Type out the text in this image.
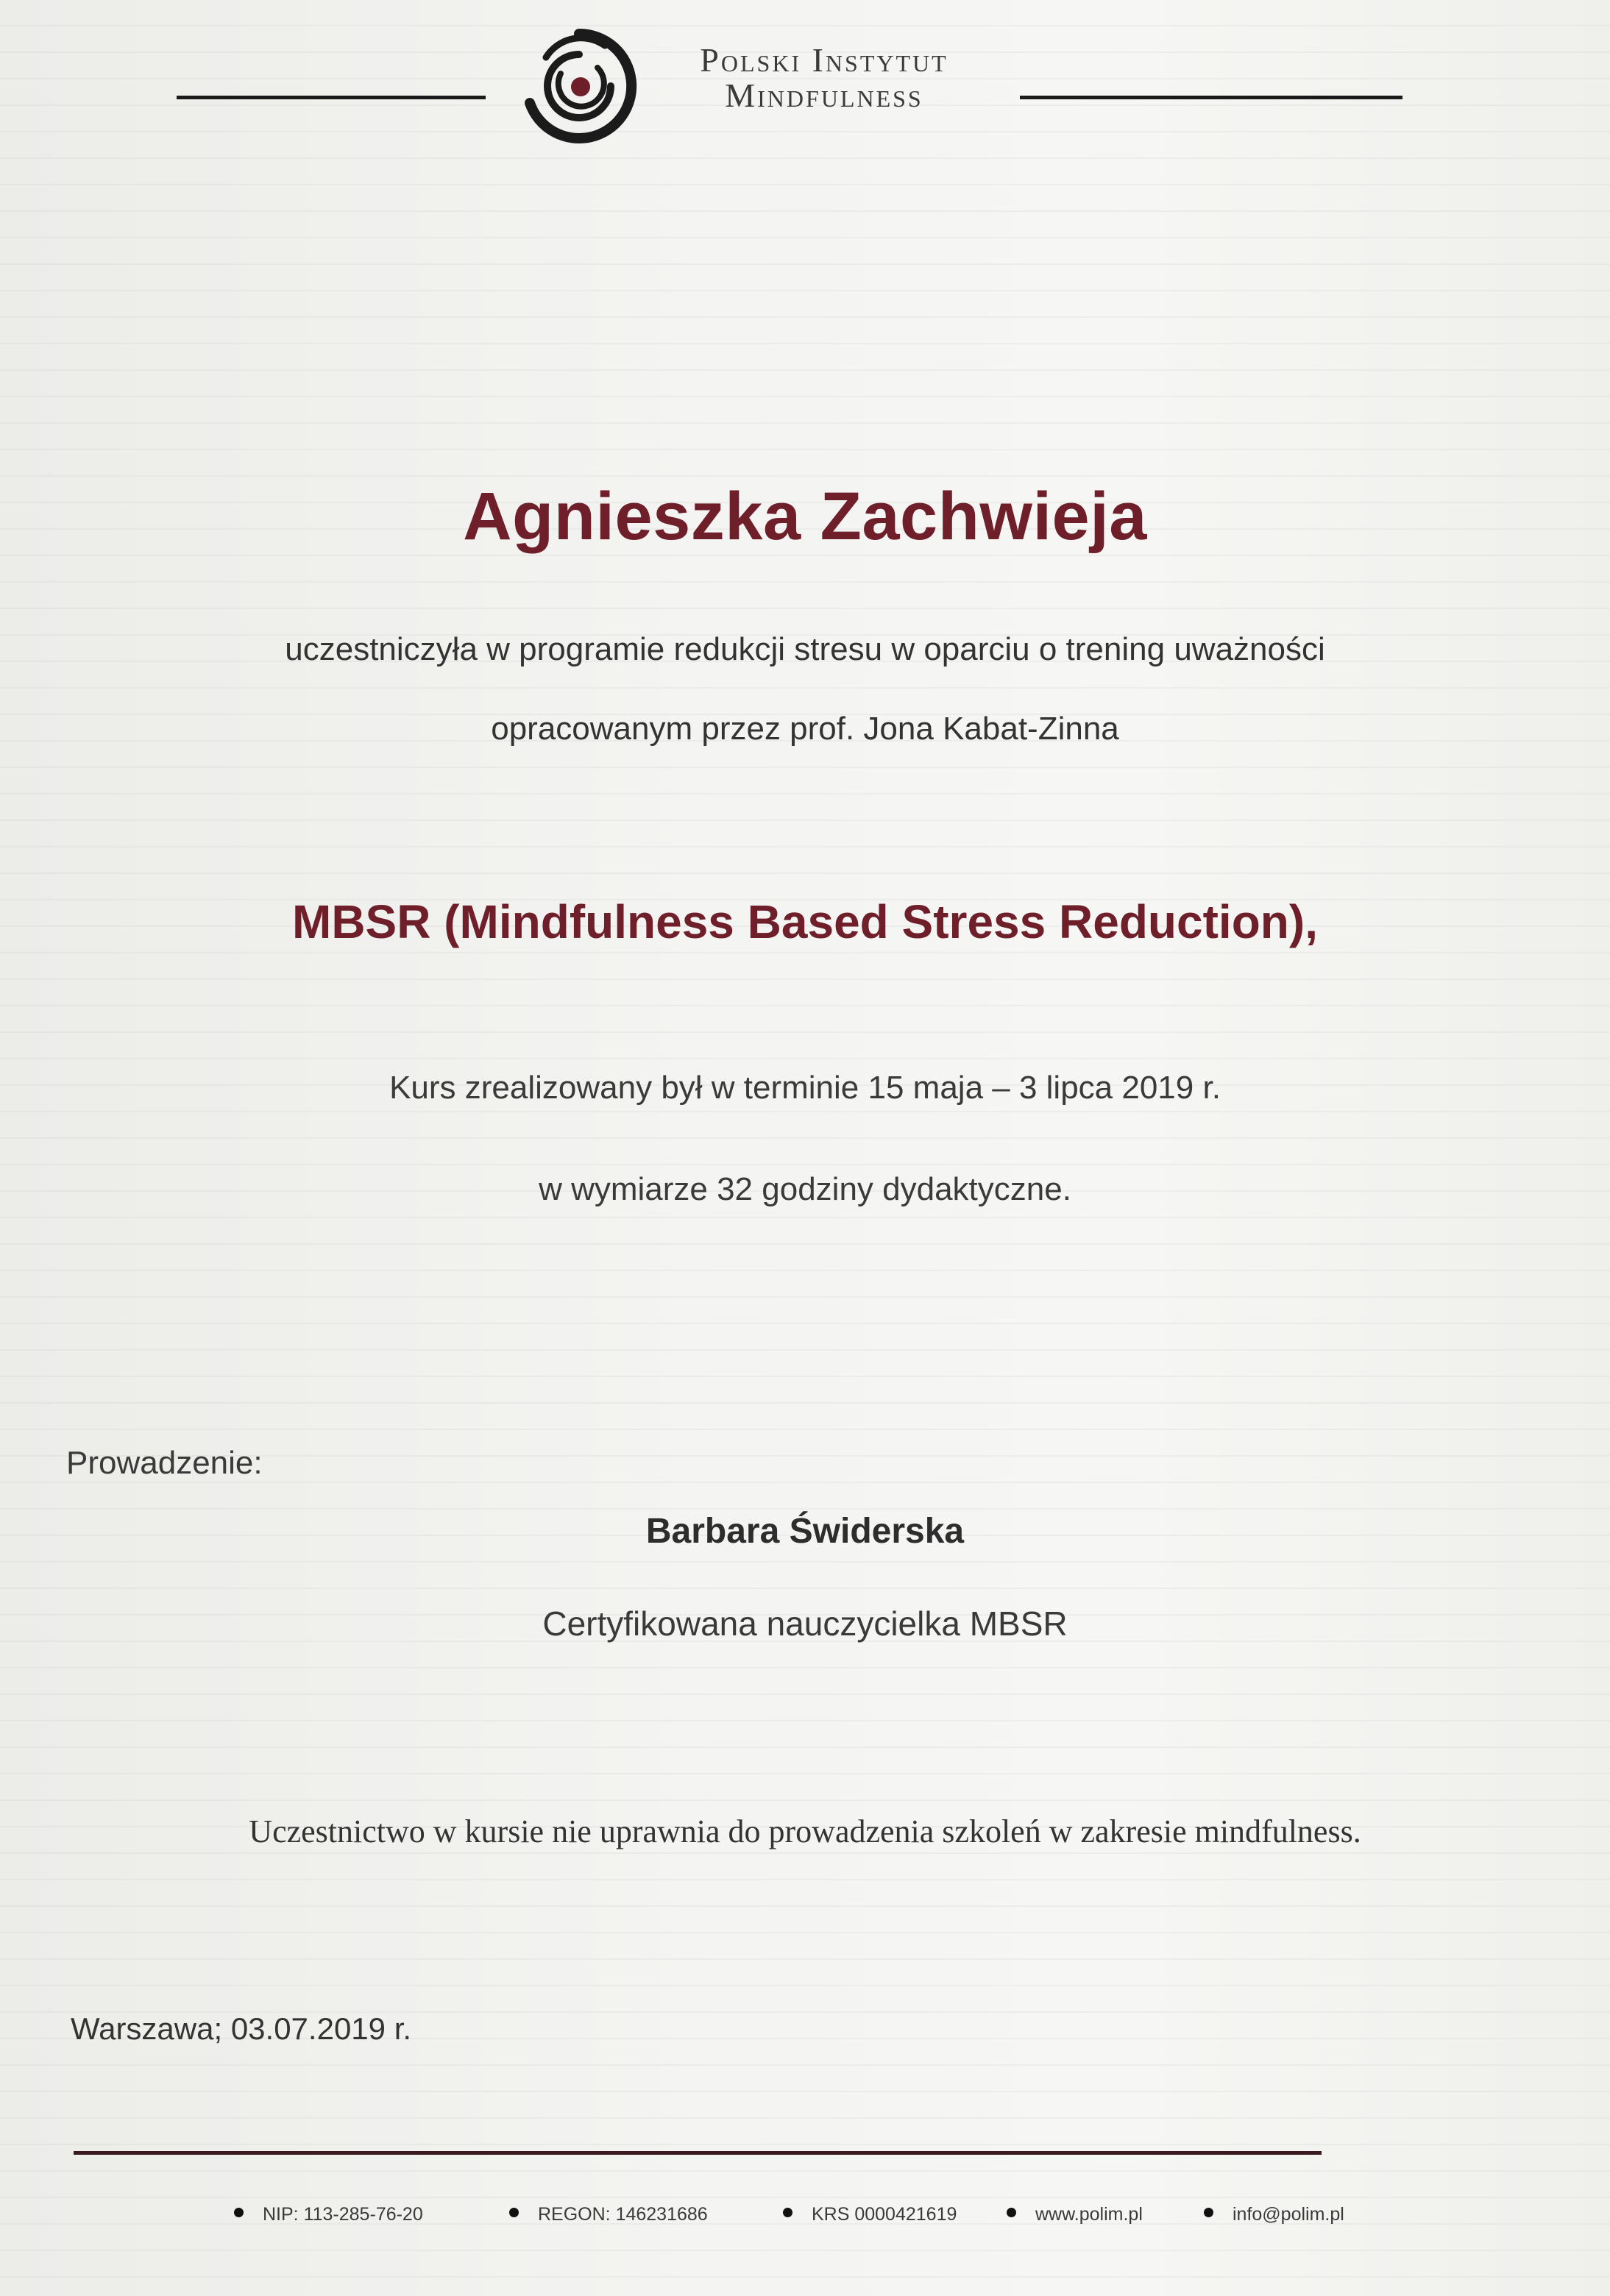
Polski Instytut
Mindfulness
Agnieszka Zachwieja
uczestniczyła w programie redukcji stresu w oparciu o trening uważności
opracowanym przez prof. Jona Kabat-Zinna
MBSR (Mindfulness Based Stress Reduction),
Kurs zrealizowany był w terminie 15 maja – 3 lipca 2019 r.
w wymiarze 32 godziny dydaktyczne.
Prowadzenie:
Barbara Świderska
Certyfikowana nauczycielka MBSR
Uczestnictwo w kursie nie uprawnia do prowadzenia szkoleń w zakresie mindfulness.
Warszawa; 03.07.2019 r.
NIP: 113-285-76-20	REGON: 146231686	KRS 0000421619	www.polim.pl	info@polim.pl
